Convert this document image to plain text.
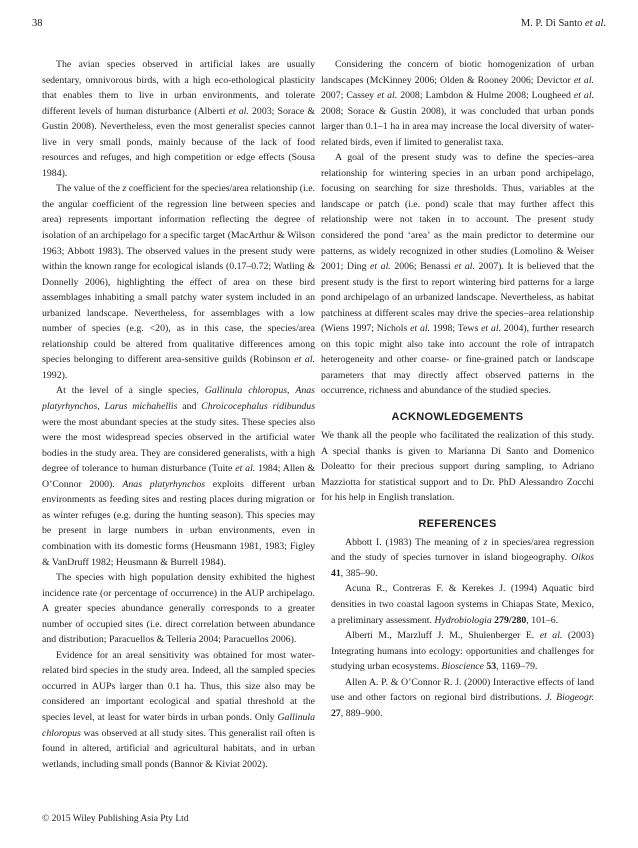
38	M. P. Di Santo et al.

The avian species observed in artificial lakes are usually sedentary, omnivorous birds, with a high eco-ethological plasticity that enables them to live in urban environments, and tolerate different levels of human disturbance (Alberti et al. 2003; Sorace & Gustin 2008). Nevertheless, even the most generalist species cannot live in very small ponds, mainly because of the lack of food resources and refuges, and high competition or edge effects (Sousa 1984).

The value of the z coefficient for the species/area relationship (i.e. the angular coefficient of the regression line between species and area) represents important information reflecting the degree of isolation of an archipelago for a specific target (MacArthur & Wilson 1963; Abbott 1983). The observed values in the present study were within the known range for ecological islands (0.17–0.72; Watling & Donnelly 2006), highlighting the effect of area on these bird assemblages inhabiting a small patchy water system included in an urbanized landscape. Nevertheless, for assemblages with a low number of species (e.g. <20), as in this case, the species/area relationship could be altered from qualitative differences among species belonging to different area-sensitive guilds (Robinson et al. 1992).

At the level of a single species, Gallinula chloropus, Anas platyrhynchos, Larus michahellis and Chroicocephalus ridibundus were the most abundant species at the study sites. These species also were the most widespread species observed in the artificial water bodies in the study area. They are considered generalists, with a high degree of tolerance to human disturbance (Tuite et al. 1984; Allen & O’Connor 2000). Anas platyrhynchos exploits different urban environments as feeding sites and resting places during migration or as winter refuges (e.g. during the hunting season). This species may be present in large numbers in urban environments, even in combination with its domestic forms (Heusmann 1981, 1983; Figley & VanDruff 1982; Heusmann & Burrell 1984).

The species with high population density exhibited the highest incidence rate (or percentage of occurrence) in the AUP archipelago. A greater species abundance generally corresponds to a greater number of occupied sites (i.e. direct correlation between abundance and distribution; Paracuellos & Telleria 2004; Paracuellos 2006).

Evidence for an areal sensitivity was obtained for most water-related bird species in the study area. Indeed, all the sampled species occurred in AUPs larger than 0.1 ha. Thus, this size also may be considered an important ecological and spatial threshold at the species level, at least for water birds in urban ponds. Only Gallinula chloropus was observed at all study sites. This generalist rail often is found in altered, artificial and agricultural habitats, and in urban wetlands, including small ponds (Bannor & Kiviat 2002).

Considering the concern of biotic homogenization of urban landscapes (McKinney 2006; Olden & Rooney 2006; Devictor et al. 2007; Cassey et al. 2008; Lambdon & Hulme 2008; Lougheed et al. 2008; Sorace & Gustin 2008), it was concluded that urban ponds larger than 0.1–1 ha in area may increase the local diversity of water-related birds, even if limited to generalist taxa.

A goal of the present study was to define the species–area relationship for wintering species in an urban pond archipelago, focusing on searching for size thresholds. Thus, variables at the landscape or patch (i.e. pond) scale that may further affect this relationship were not taken in to account. The present study considered the pond ‘area’ as the main predictor to determine our patterns, as widely recognized in other studies (Lomolino & Weiser 2001; Ding et al. 2006; Benassi et al. 2007). It is believed that the present study is the first to report wintering bird patterns for a large pond archipelago of an urbanized landscape. Nevertheless, as habitat patchiness at different scales may drive the species–area relationship (Wiens 1997; Nichols et al. 1998; Tews et al. 2004), further research on this topic might also take into account the role of intrapatch heterogeneity and other coarse- or fine-grained patch or landscape parameters that may directly affect observed patterns in the occurrence, richness and abundance of the studied species.

ACKNOWLEDGEMENTS

We thank all the people who facilitated the realization of this study. A special thanks is given to Marianna Di Santo and Domenico Doleatto for their precious support during sampling, to Adriano Mazziotta for statistical support and to Dr. PhD Alessandro Zocchi for his help in English translation.

REFERENCES

Abbott I. (1983) The meaning of z in species/area regression and the study of species turnover in island biogeography. Oikos 41, 385–90.

Acuna R., Contreras F. & Kerekes J. (1994) Aquatic bird densities in two coastal lagoon systems in Chiapas State, Mexico, a preliminary assessment. Hydrobiologia 279/280, 101–6.

Alberti M., Marzluff J. M., Shulenberger E. et al. (2003) Integrating humans into ecology: opportunities and challenges for studying urban ecosystems. Bioscience 53, 1169–79.

Allen A. P. & O’Connor R. J. (2000) Interactive effects of land use and other factors on regional bird distributions. J. Biogeogr. 27, 889–900.

© 2015 Wiley Publishing Asia Pty Ltd
